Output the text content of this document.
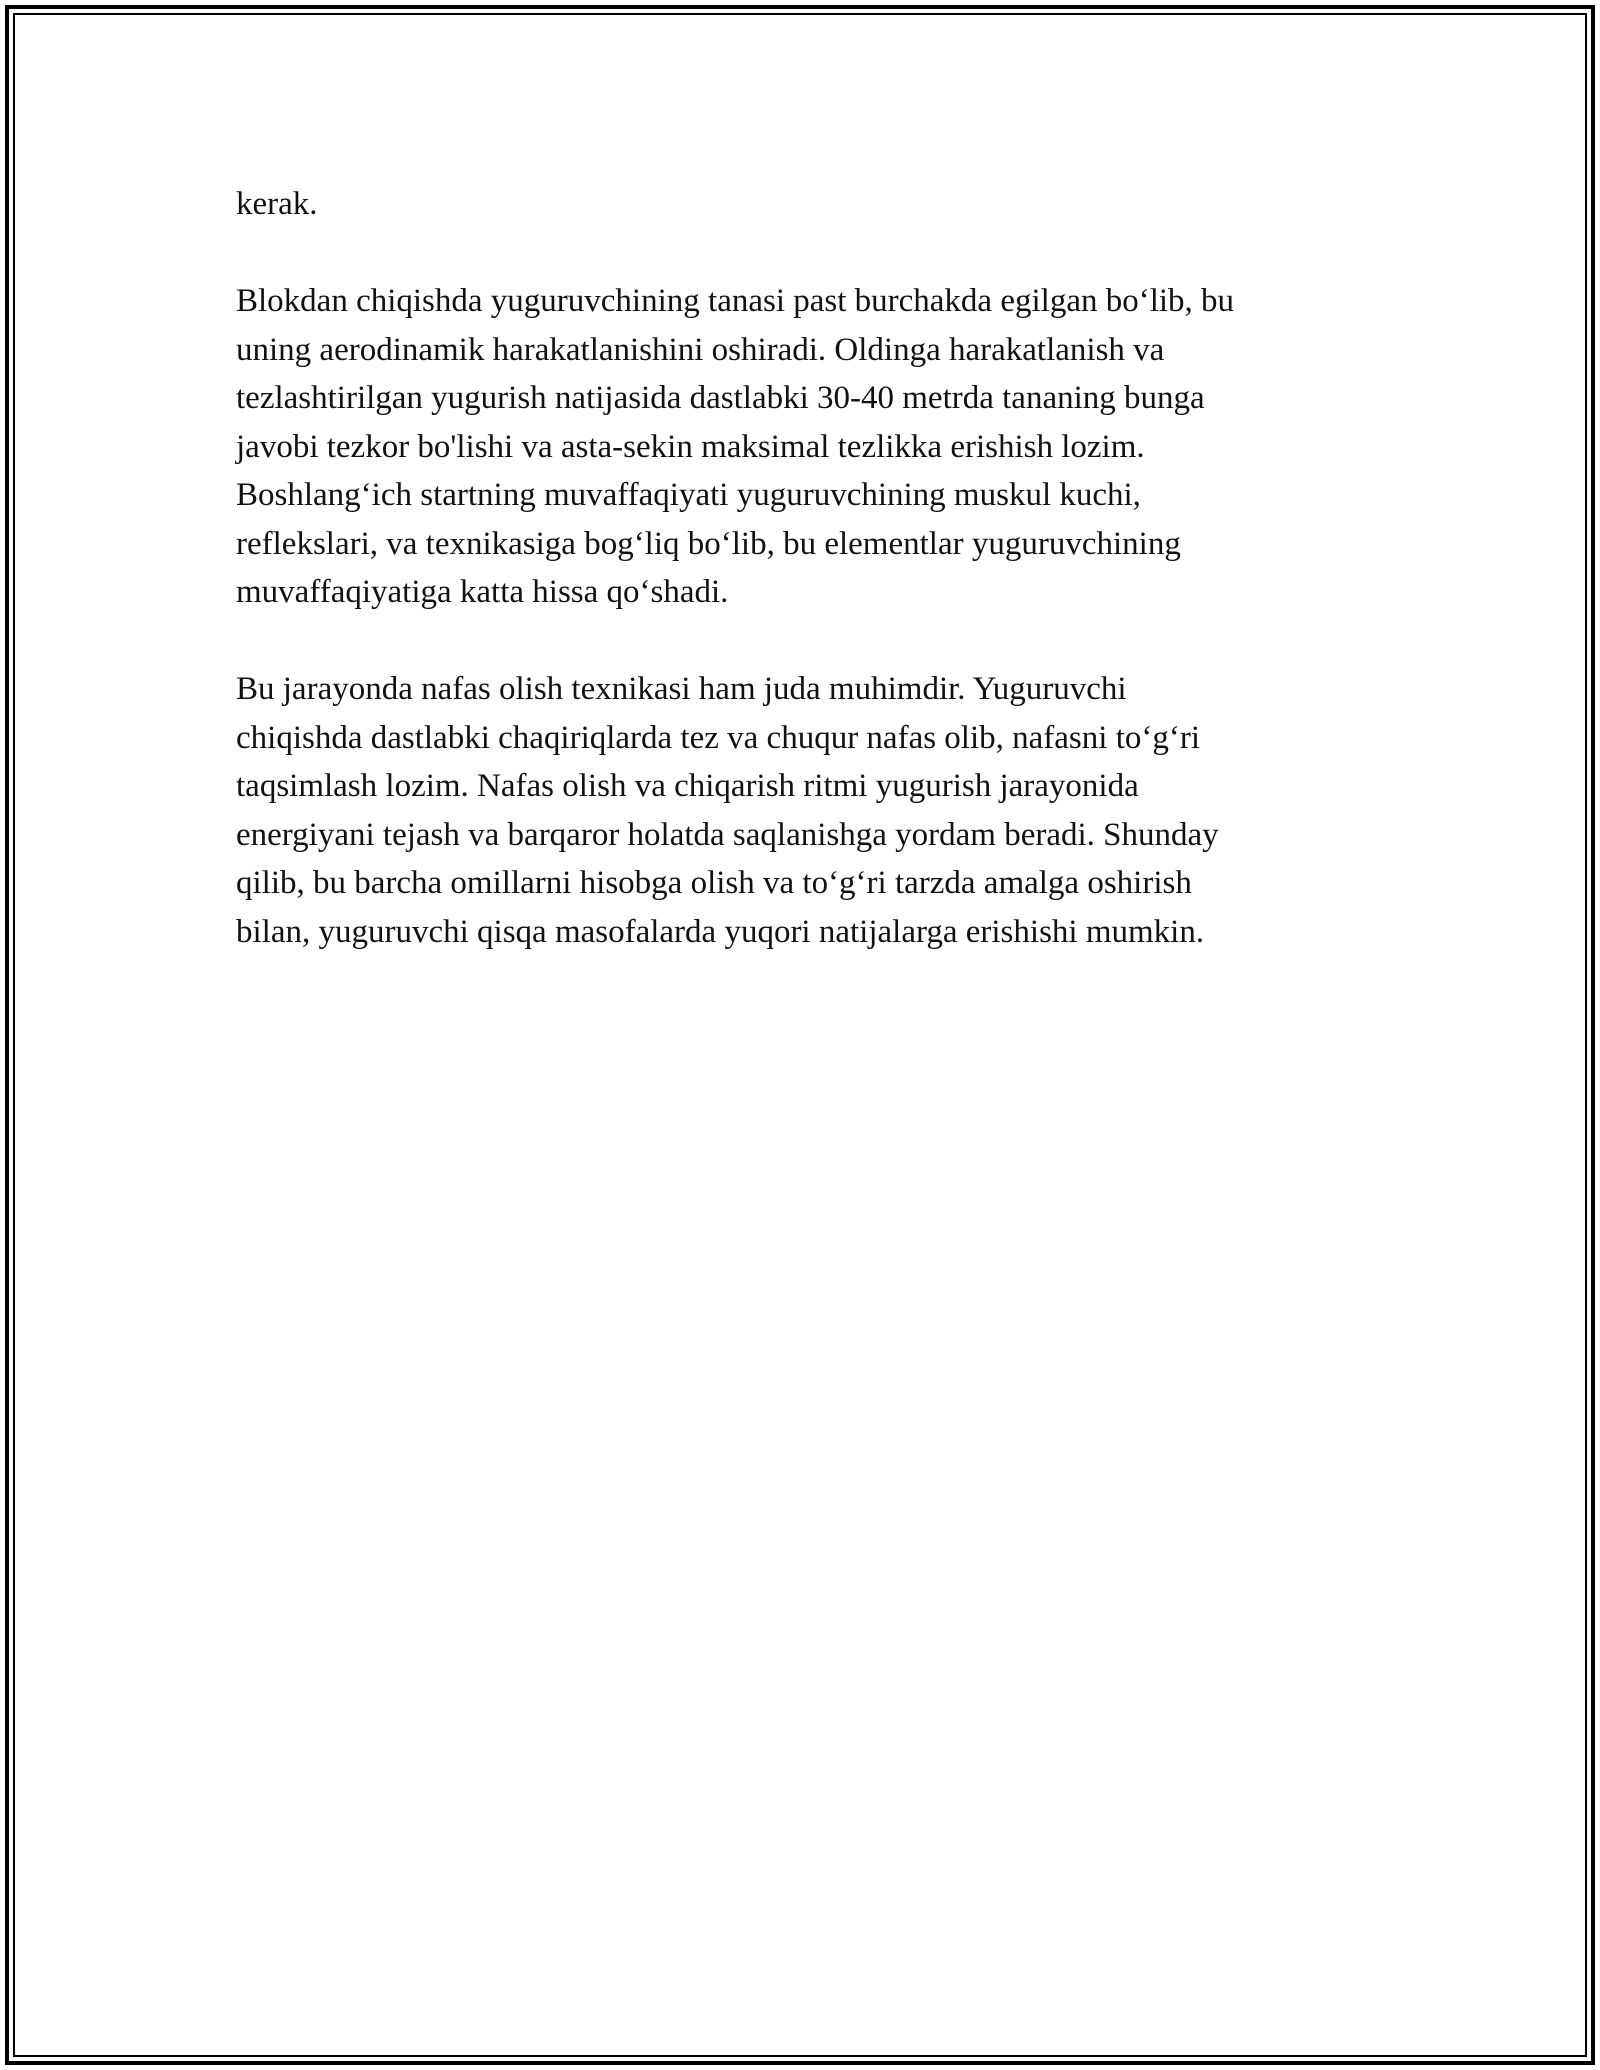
kerak.

Blokdan chiqishda yuguruvchining tanasi past burchakda egilgan bo‘lib, bu
uning aerodinamik harakatlanishini oshiradi. Oldinga harakatlanish va
tezlashtirilgan yugurish natijasida dastlabki 30-40 metrda tananing bunga
javobi tezkor bo'lishi va asta-sekin maksimal tezlikka erishish lozim.
Boshlang‘ich startning muvaffaqiyati yuguruvchining muskul kuchi,
reflekslari, va texnikasiga bog‘liq bo‘lib, bu elementlar yuguruvchining
muvaffaqiyatiga katta hissa qo‘shadi.

Bu jarayonda nafas olish texnikasi ham juda muhimdir. Yuguruvchi
chiqishda dastlabki chaqiriqlarda tez va chuqur nafas olib, nafasni to‘g‘ri
taqsimlash lozim. Nafas olish va chiqarish ritmi yugurish jarayonida
energiyani tejash va barqaror holatda saqlanishga yordam beradi. Shunday
qilib, bu barcha omillarni hisobga olish va to‘g‘ri tarzda amalga oshirish
bilan, yuguruvchi qisqa masofalarda yuqori natijalarga erishishi mumkin.
